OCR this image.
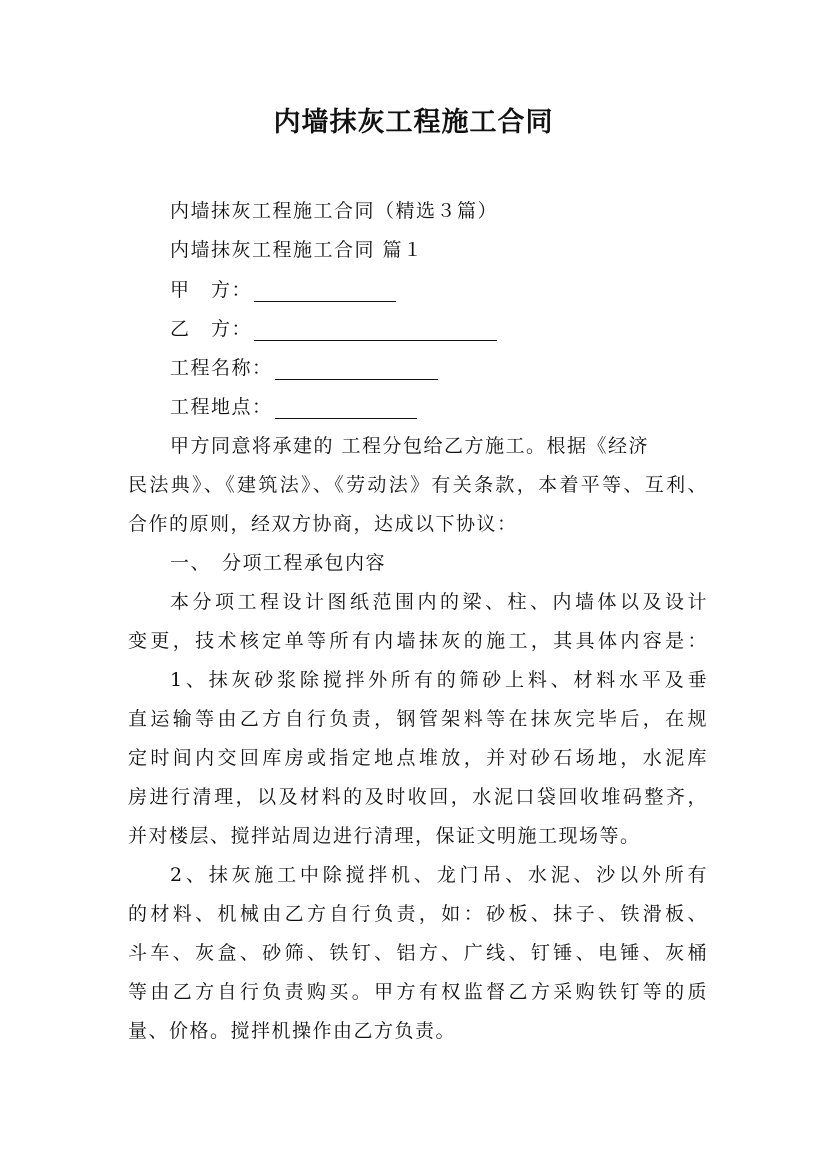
内墙抹灰工程施工合同
内墙抹灰工程施工合同（精选３篇）
内墙抹灰工程施工合同 篇１
甲　方：
乙　方：
工程名称：
工程地点：
甲方同意将承建的 工程分包给乙方施工。根据《经济
民法典》、《建筑法》、《劳动法》有关条款，本着平等、互利、
合作的原则，经双方协商，达成以下协议：
一、　分项工程承包内容
本分项工程设计图纸范围内的梁、柱、内墙体以及设计
变更，技术核定单等所有内墙抹灰的施工，其具体内容是：
1、抹灰砂浆除搅拌外所有的筛砂上料、材料水平及垂
直运输等由乙方自行负责，钢管架料等在抹灰完毕后，在规
定时间内交回库房或指定地点堆放，并对砂石场地，水泥库
房进行清理，以及材料的及时收回，水泥口袋回收堆码整齐，
并对楼层、搅拌站周边进行清理，保证文明施工现场等。
2、抹灰施工中除搅拌机、龙门吊、水泥、沙以外所有
的材料、机械由乙方自行负责，如：砂板、抹子、铁滑板、
斗车、灰盒、砂筛、铁钉、铝方、广线、钉锤、电锤、灰桶
等由乙方自行负责购买。甲方有权监督乙方采购铁钉等的质
量、价格。搅拌机操作由乙方负责。
